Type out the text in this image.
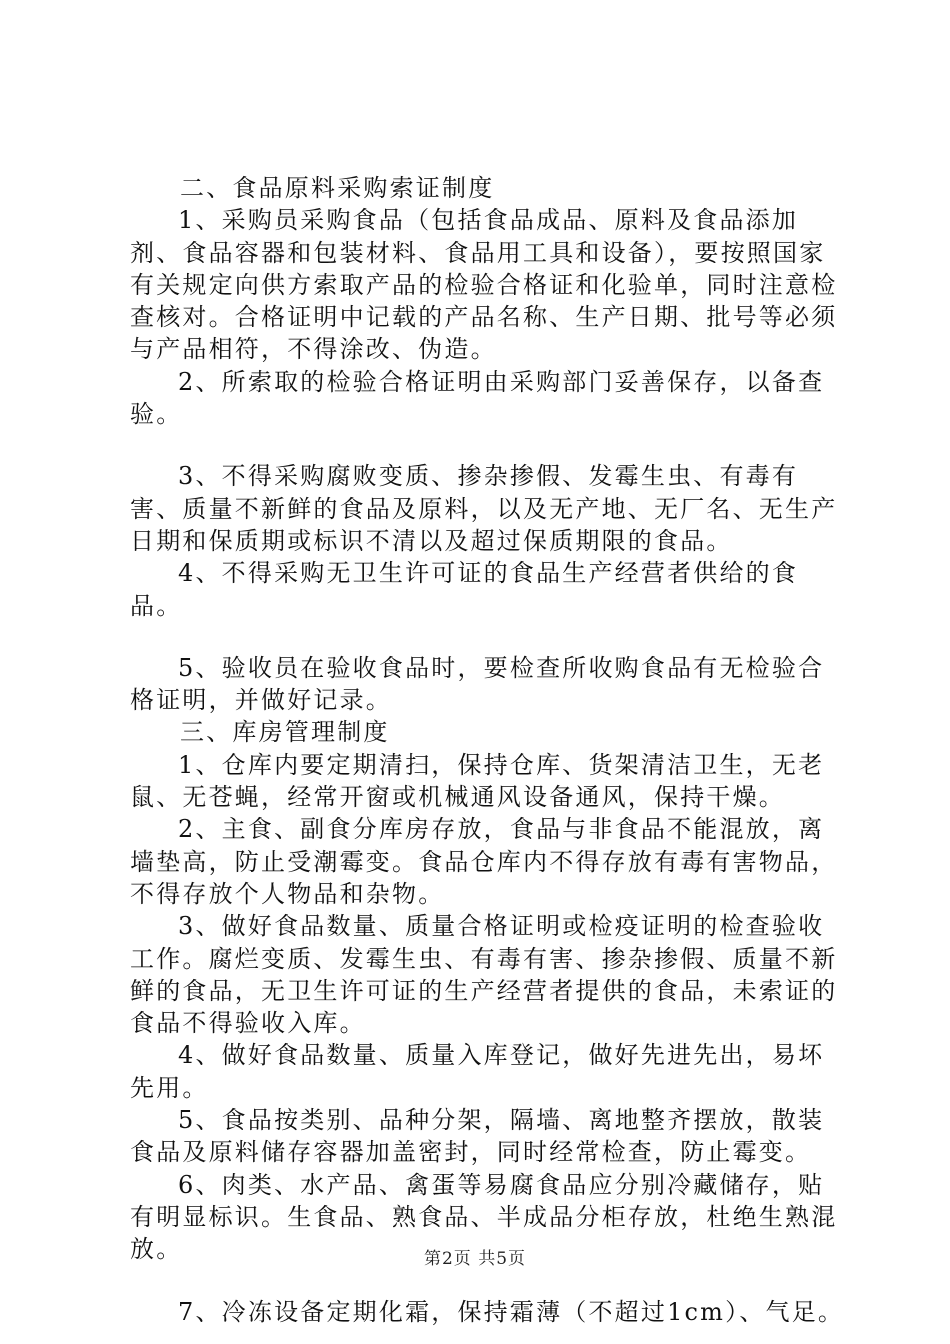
二、食品原料采购索证制度

1、采购员采购食品（包括食品成品、原料及食品添加剂、食品容器和包装材料、食品用工具和设备），要按照国家有关规定向供方索取产品的检验合格证和化验单，同时注意检查核对。合格证明中记载的产品名称、生产日期、批号等必须与产品相符，不得涂改、伪造。

2、所索取的检验合格证明由采购部门妥善保存，以备查验。

3、不得采购腐败变质、掺杂掺假、发霉生虫、有毒有害、质量不新鲜的食品及原料，以及无产地、无厂名、无生产日期和保质期或标识不清以及超过保质期限的食品。

4、不得采购无卫生许可证的食品生产经营者供给的食品。

5、验收员在验收食品时，要检查所收购食品有无检验合格证明，并做好记录。

三、库房管理制度

1、仓库内要定期清扫，保持仓库、货架清洁卫生，无老鼠、无苍蝇，经常开窗或机械通风设备通风，保持干燥。

2、主食、副食分库房存放，食品与非食品不能混放，离墙垫高，防止受潮霉变。食品仓库内不得存放有毒有害物品，不得存放个人物品和杂物。

3、做好食品数量、质量合格证明或检疫证明的检查验收工作。腐烂变质、发霉生虫、有毒有害、掺杂掺假、质量不新鲜的食品，无卫生许可证的生产经营者提供的食品，未索证的食品不得验收入库。

4、做好食品数量、质量入库登记，做好先进先出，易坏先用。

5、食品按类别、品种分架，隔墙、离地整齐摆放，散装食品及原料储存容器加盖密封，同时经常检查，防止霉变。

6、肉类、水产品、禽蛋等易腐食品应分别冷藏储存，贴有明显标识。生食品、熟食品、半成品分柜存放，杜绝生熟混放。

7、冷冻设备定期化霜，保持霜薄（不超过1cm）、气足。

第2页 共5页
